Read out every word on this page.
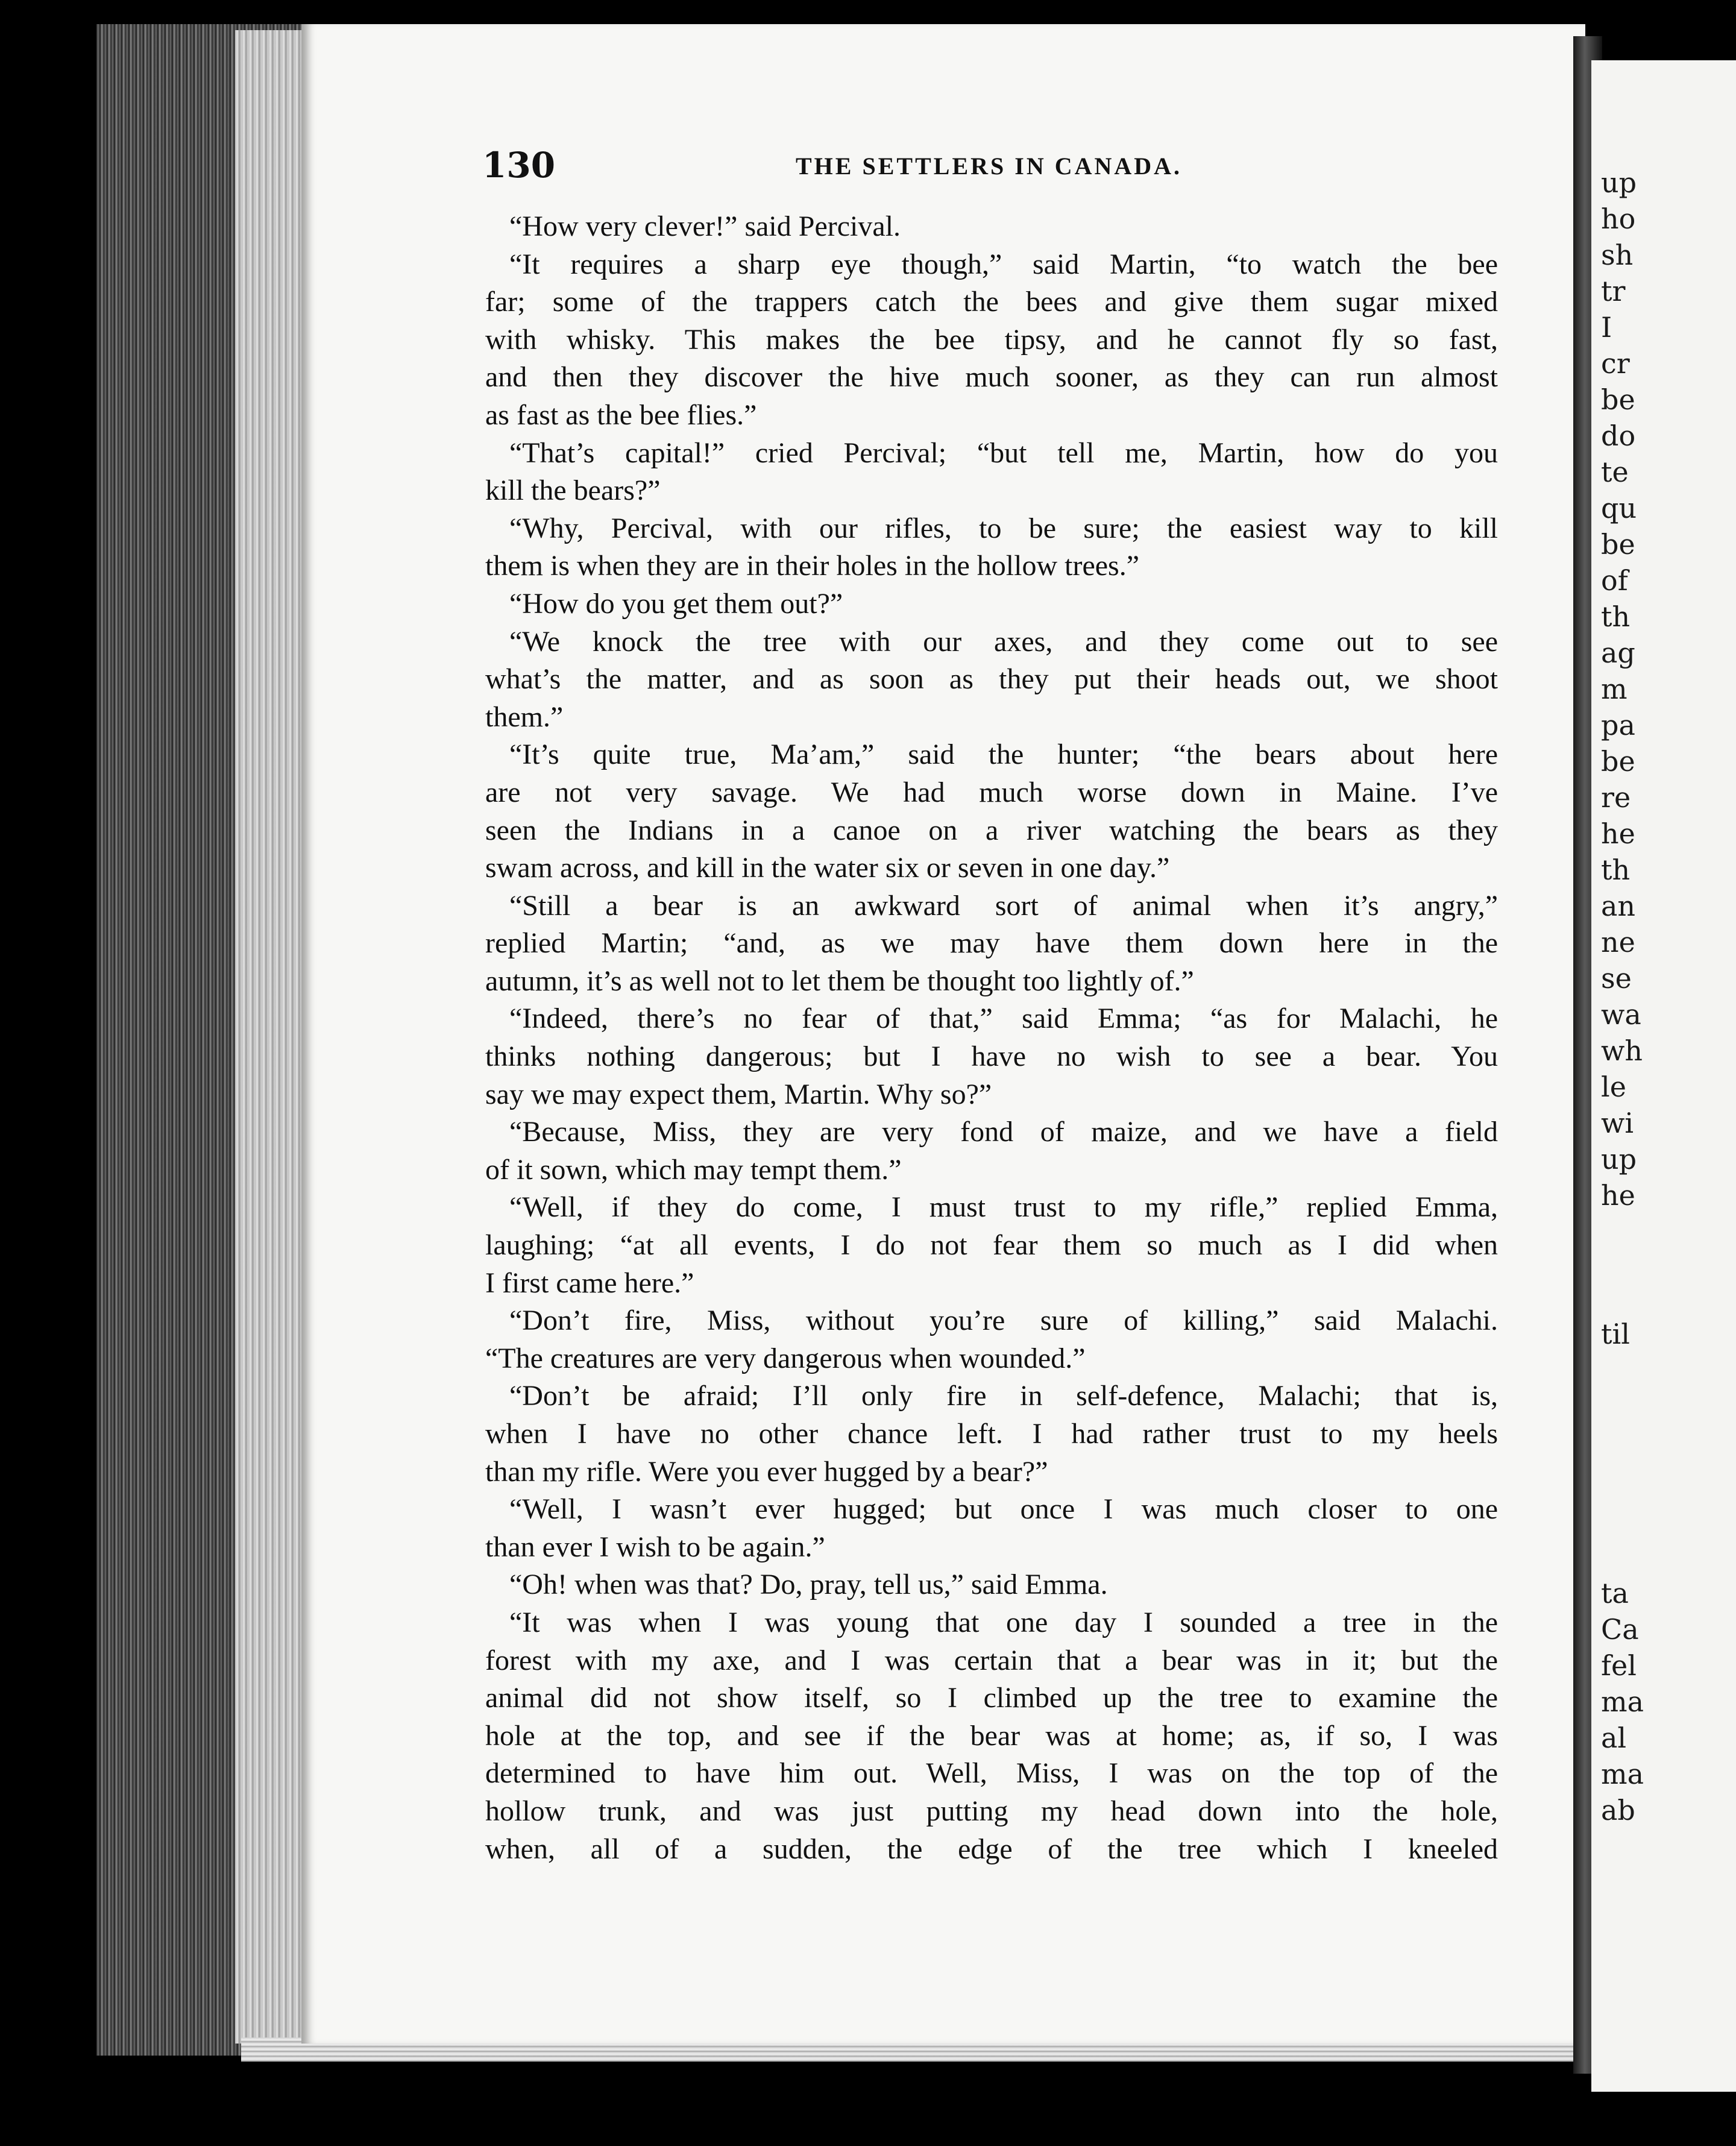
up
ho
sh
tr
I
cr
be
do
te
qu
be
of
th
ag
m
pa
be
re
he
th
an
ne
se
wa
wh
le
wi
up
he
til
ta
Ca
fel
ma
al
ma
ab
130	THE SETTLERS IN CANADA.
“How very clever!” said Percival.
“It requires a sharp eye though,” said Martin, “to watch the bee
far; some of the trappers catch the bees and give them sugar mixed
with whisky. This makes the bee tipsy, and he cannot fly so fast,
and then they discover the hive much sooner, as they can run almost
as fast as the bee flies.”
“That’s capital!” cried Percival; “but tell me, Martin, how do you
kill the bears?”
“Why, Percival, with our rifles, to be sure; the easiest way to kill
them is when they are in their holes in the hollow trees.”
“How do you get them out?”
“We knock the tree with our axes, and they come out to see
what’s the matter, and as soon as they put their heads out, we shoot
them.”
“It’s quite true, Ma’am,” said the hunter; “the bears about here
are not very savage. We had much worse down in Maine. I’ve
seen the Indians in a canoe on a river watching the bears as they
swam across, and kill in the water six or seven in one day.”
“Still a bear is an awkward sort of animal when it’s angry,”
replied Martin; “and, as we may have them down here in the
autumn, it’s as well not to let them be thought too lightly of.”
“Indeed, there’s no fear of that,” said Emma; “as for Malachi, he
thinks nothing dangerous; but I have no wish to see a bear. You
say we may expect them, Martin. Why so?”
“Because, Miss, they are very fond of maize, and we have a field
of it sown, which may tempt them.”
“Well, if they do come, I must trust to my rifle,” replied Emma,
laughing; “at all events, I do not fear them so much as I did when
I first came here.”
“Don’t fire, Miss, without you’re sure of killing,” said Malachi.
“The creatures are very dangerous when wounded.”
“Don’t be afraid; I’ll only fire in self-defence, Malachi; that is,
when I have no other chance left. I had rather trust to my heels
than my rifle. Were you ever hugged by a bear?”
“Well, I wasn’t ever hugged; but once I was much closer to one
than ever I wish to be again.”
“Oh! when was that? Do, pray, tell us,” said Emma.
“It was when I was young that one day I sounded a tree in the
forest with my axe, and I was certain that a bear was in it; but the
animal did not show itself, so I climbed up the tree to examine the
hole at the top, and see if the bear was at home; as, if so, I was
determined to have him out. Well, Miss, I was on the top of the
hollow trunk, and was just putting my head down into the hole,
when, all of a sudden, the edge of the tree which I kneeled
